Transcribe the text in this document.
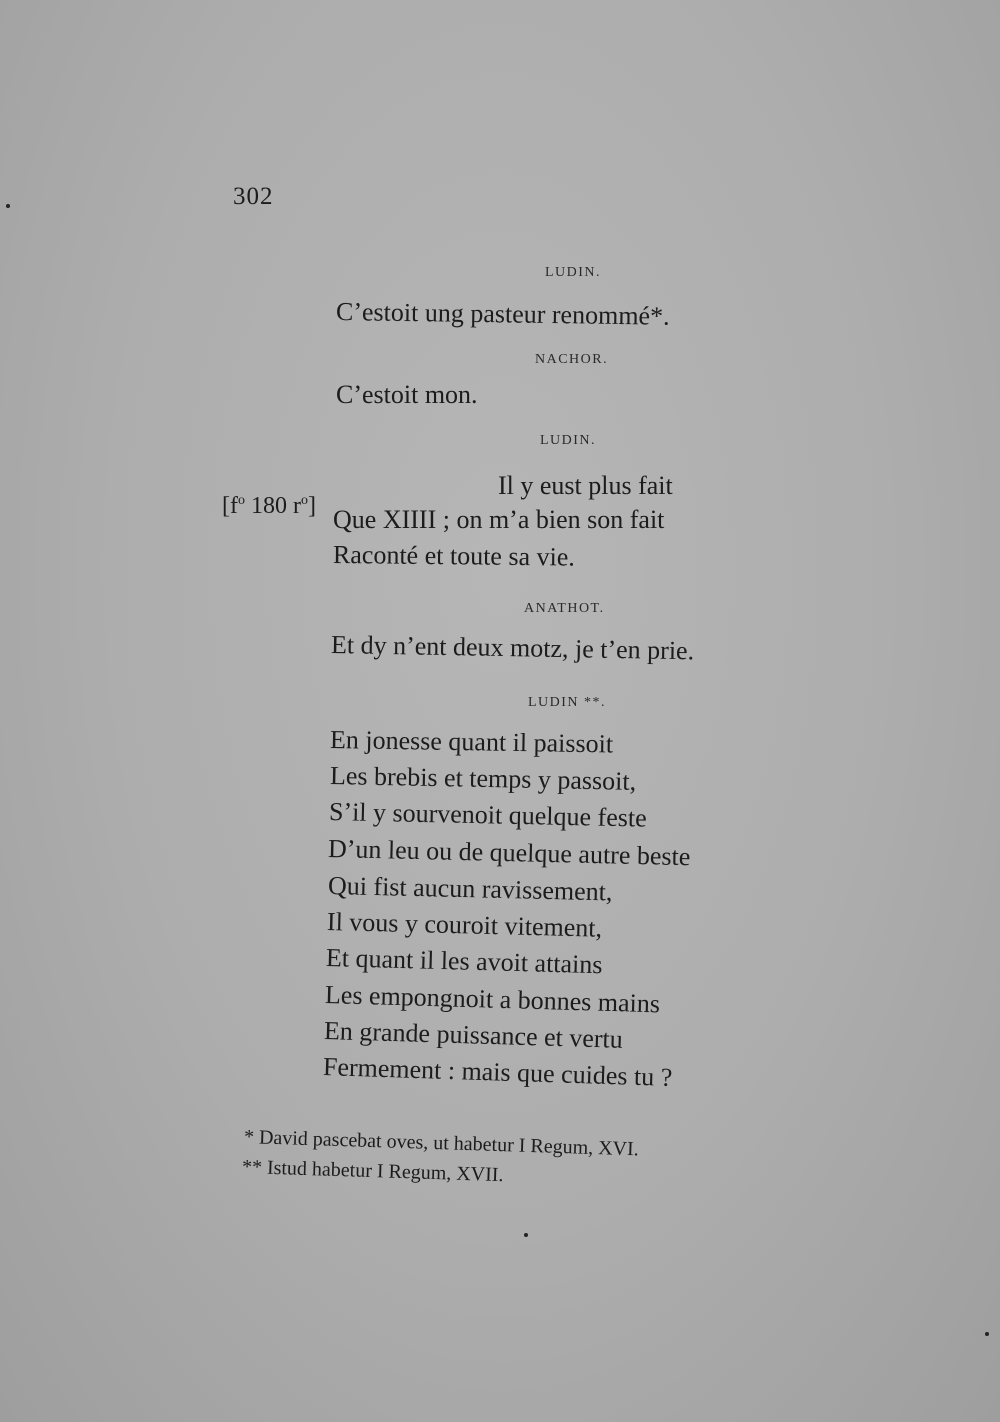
302
LUDIN.
C’estoit ung pasteur renommé*.
NACHOR.
C’estoit mon.
LUDIN.
Il y eust plus fait
[$f^o$ 180 $r^o$] Que XIIII ; on m’a bien son fait
Raconté et toute sa vie.
ANATHOT.
Et dy n’ent deux motz, je t’en prie.
LUDIN **.
En jonesse quant il paissoit
Les brebis et temps y passoit,
S’il y sourvenoit quelque feste
D’un leu ou de quelque autre beste
Qui fist aucun ravissement,
Il vous y couroit vitement,
Et quant il les avoit attains
Les empongnoit a bonnes mains
En grande puissance et vertu
Fermement : mais que cuides tu ?
* David pascebat oves, ut habetur I Regum, XVI.
** Istud habetur I Regum, XVII.
